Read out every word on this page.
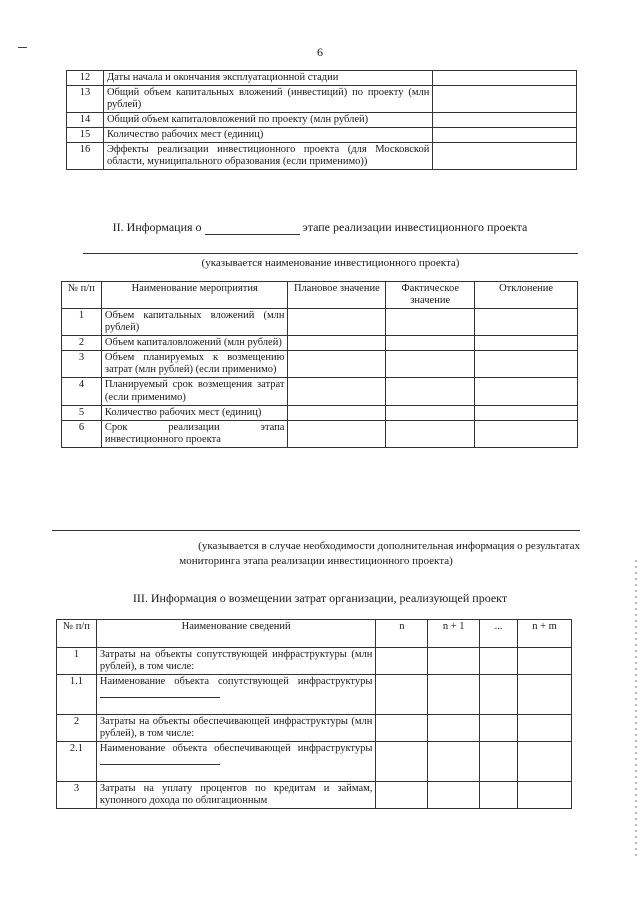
6
12	Даты начала и окончания эксплуатационной стадии	
13	Общий объем капитальных вложений (инвестиций) по проекту (млн рублей)	
14	Общий объем капиталовложений по проекту (млн рублей)	
15	Количество рабочих мест (единиц)	
16	Эффекты реализации инвестиционного проекта (для Московской области, муниципального образования (если применимо))	
II. Информация о	этапе реализации инвестиционного проекта
(указывается наименование инвестиционного проекта)
№ п/п	Наименование мероприятия	Плановое значение	Фактическое значение	Отклонение
1	Объем капитальных вложений (млн рублей)			
2	Объем капиталовложений (млн рублей)			
3	Объем планируемых к возмещению затрат (млн рублей) (если применимо)			
4	Планируемый срок возмещения затрат (если применимо)			
5	Количество рабочих мест (единиц)			
6	Срок реализации этапа инвестиционного проекта			
(указывается в случае необходимости дополнительная информация о результатах
мониторинга этапа реализации инвестиционного проекта)
III. Информация о возмещении затрат организации, реализующей проект
№ п/п	Наименование сведений	n	n + 1	...	n + m
1	Затраты на объекты сопутствующей инфраструктуры (млн рублей), в том числе:				
1.1	Наименование объекта сопутствующей инфраструктуры				
2	Затраты на объекты обеспечивающей инфраструктуры (млн рублей), в том числе:				
2.1	Наименование объекта обеспечивающей инфраструктуры				
3	Затраты на уплату процентов по кредитам и займам, купонного дохода по облигационным				
